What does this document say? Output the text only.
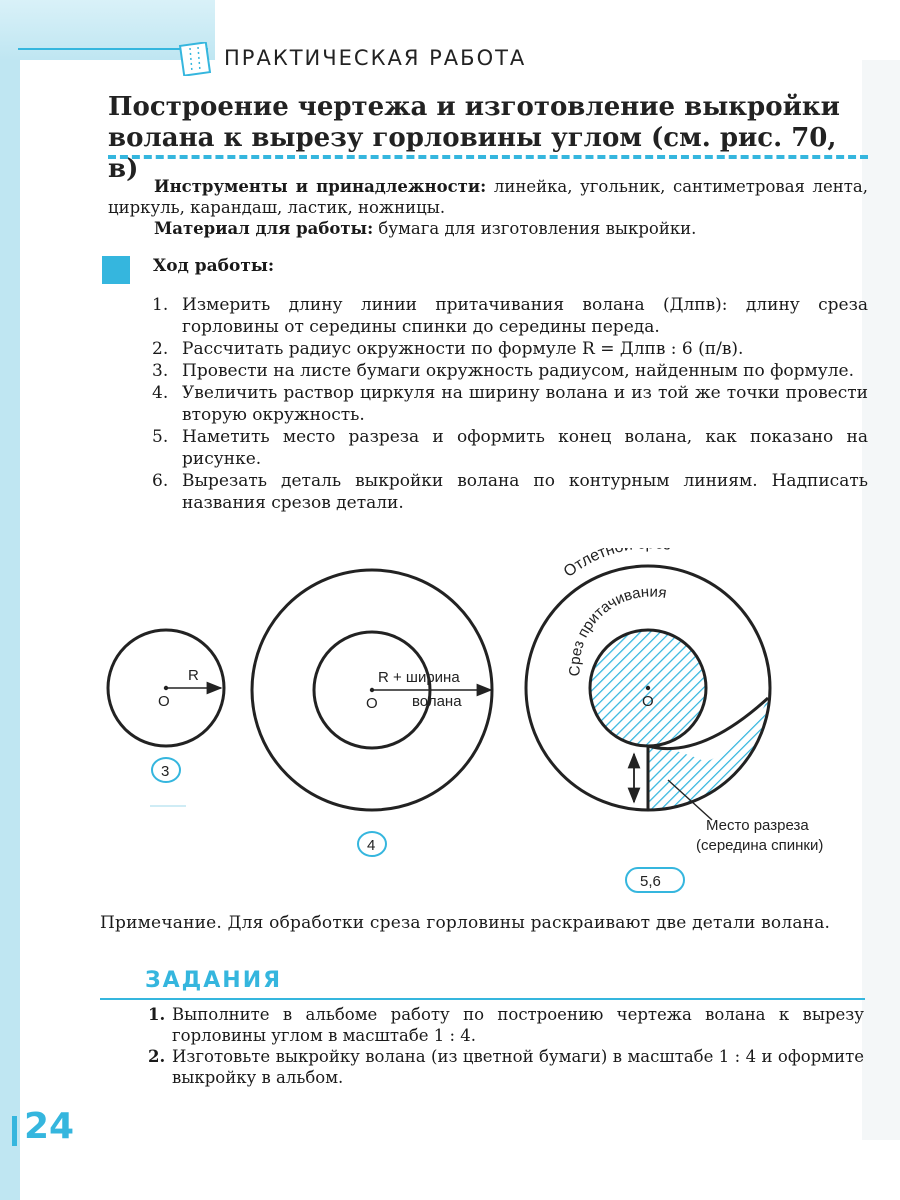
ПРАКТИЧЕСКАЯ РАБОТА
Построение чертежа и изготовление выкройки
волана к вырезу горловины углом (см. рис. 70, в)
Инструменты и принадлежности: линейка, угольник, сантиметровая лента, циркуль, карандаш, ластик, ножницы.
Материал для работы: бумага для изготовления выкройки.
Ход работы:
1. Измерить длину линии притачивания волана (Длпв): длину среза горловины от середины спинки до середины переда.
2. Рассчитать радиус окружности по формуле R = Длпв : 6 (п/в).
3. Провести на листе бумаги окружность радиусом, найденным по формуле.
4. Увеличить раствор циркуля на ширину волана и из той же точки провести вторую окружность.
5. Наметить место разреза и оформить конец волана, как показано на рисунке.
6. Вырезать деталь выкройки волана по контурным линиям. Надписать названия срезов детали.
R
O
3
R + ширина
O волана
4
O
Отлетн
Срез притачивания
Место разреза
(середина спинки)
5,6
Примечание. Для обработки среза горловины раскраивают две детали волана.
ЗАДАНИЯ
1. Выполните в альбоме работу по построению чертежа волана к вырезу горловины углом в масштабе 1 : 4.
2. Изготовьте выкройку волана (из цветной бумаги) в масштабе 1 : 4 и оформите выкройку в альбом.
24
